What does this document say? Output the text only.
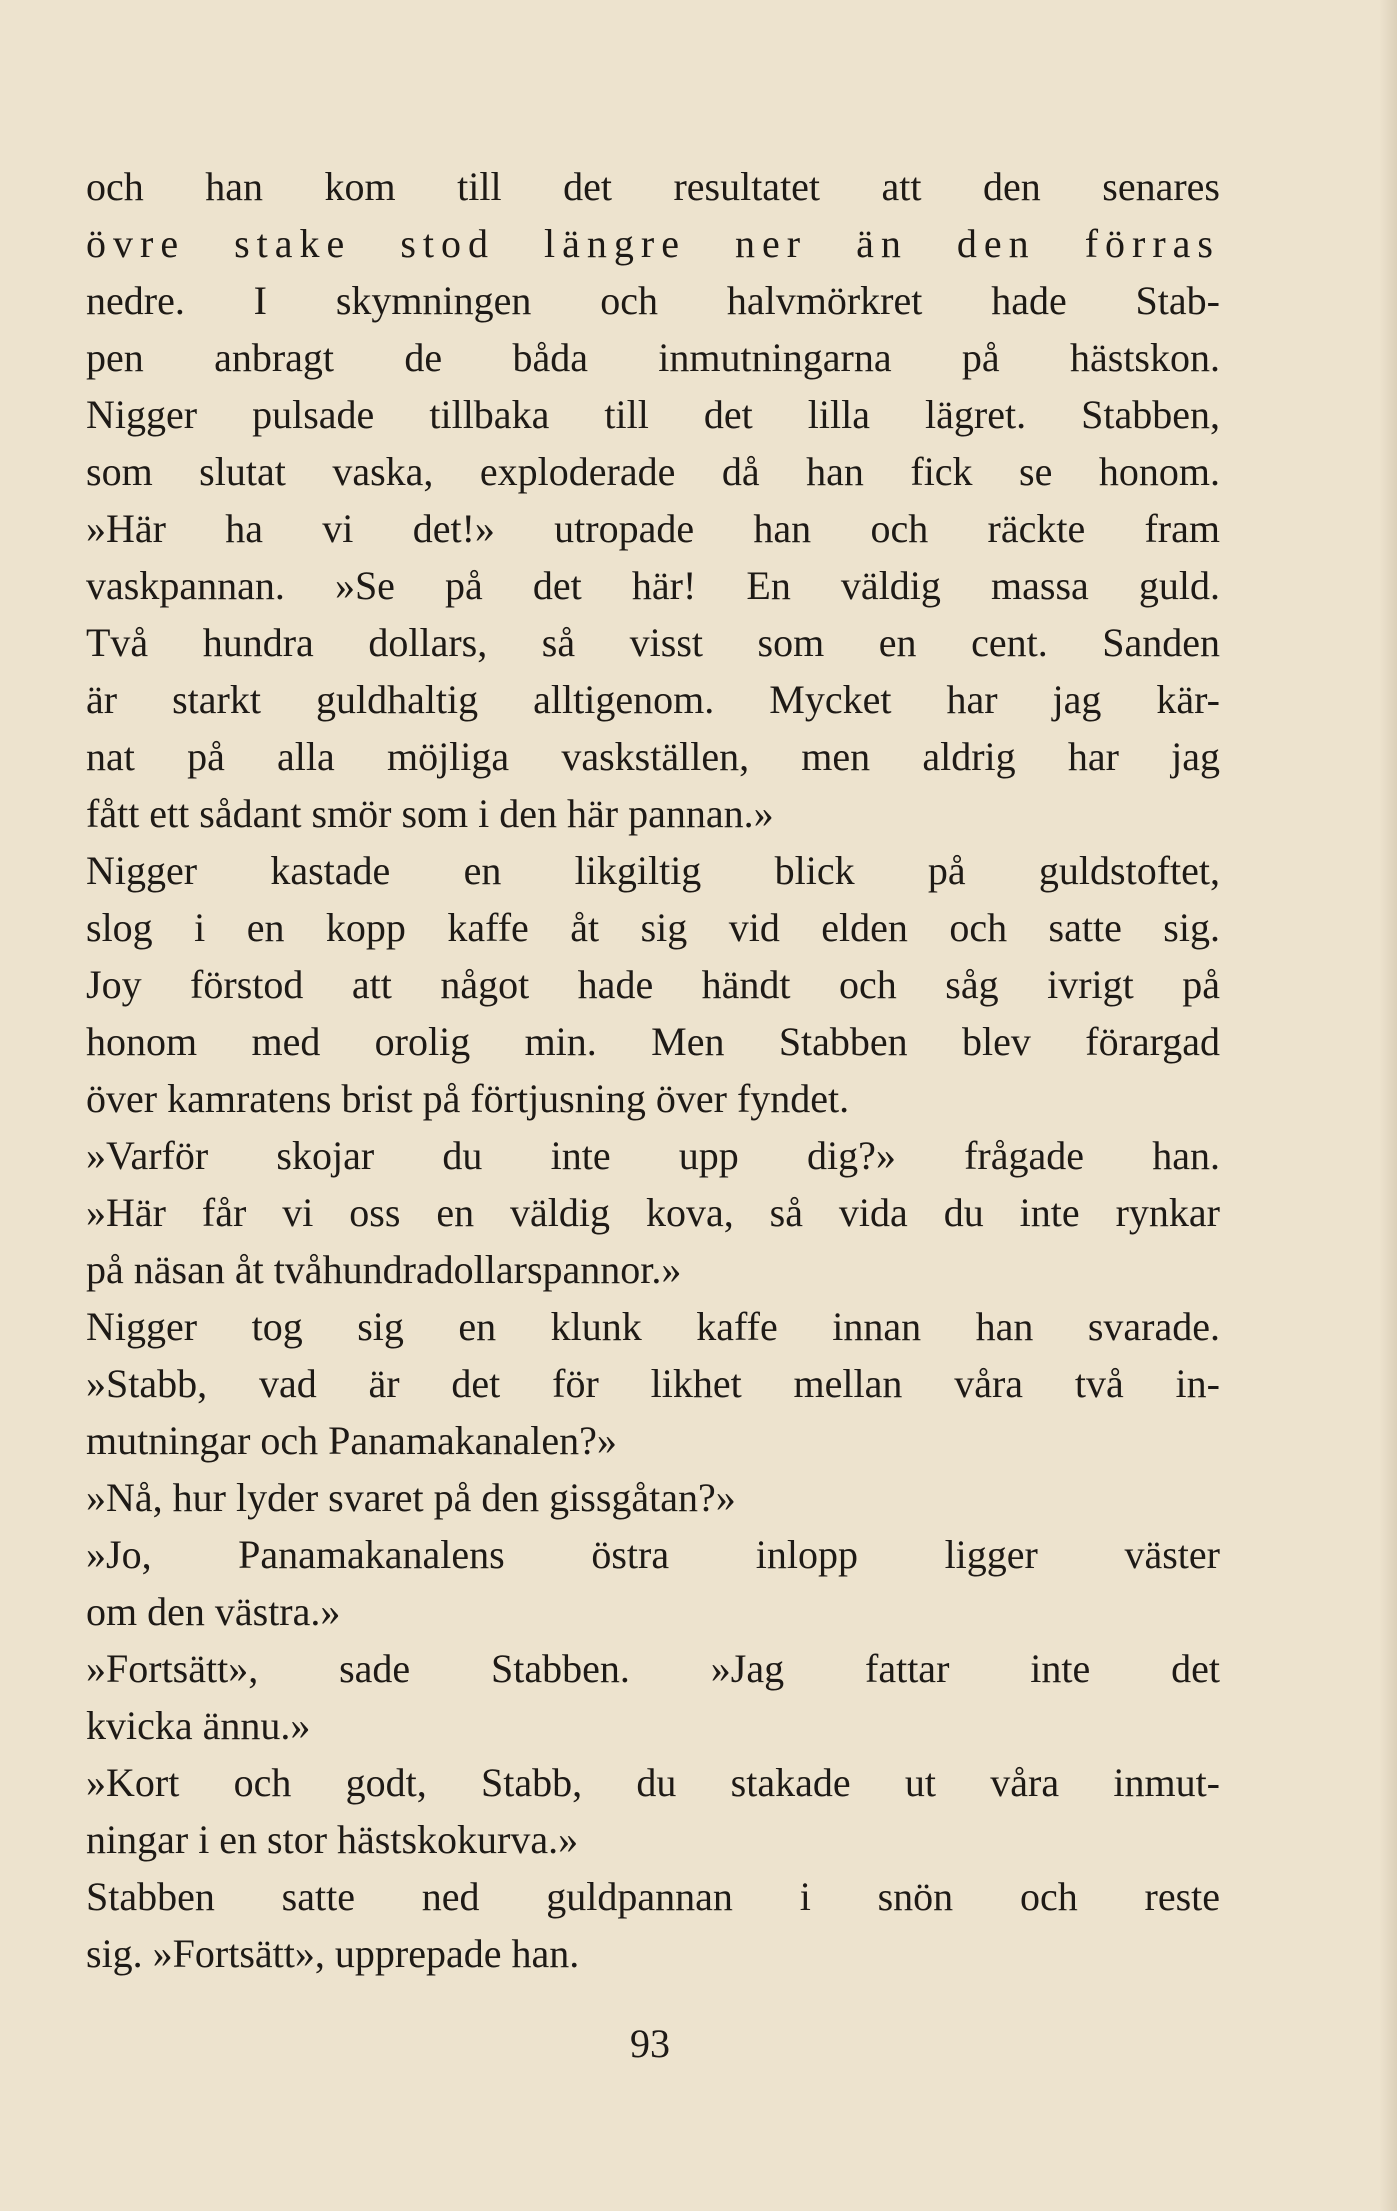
och han kom till det resultatet att den senares
övre stake stod längre ner än den förras
nedre. I skymningen och halvmörkret hade Stab-
pen anbragt de båda inmutningarna på hästskon.
Nigger pulsade tillbaka till det lilla lägret. Stabben,
som slutat vaska, exploderade då han fick se honom.
»Här ha vi det!» utropade han och räckte fram
vaskpannan. »Se på det här! En väldig massa guld.
Två hundra dollars, så visst som en cent. Sanden
är starkt guldhaltig alltigenom. Mycket har jag kär-
nat på alla möjliga vaskställen, men aldrig har jag
fått ett sådant smör som i den här pannan.»
Nigger kastade en likgiltig blick på guldstoftet,
slog i en kopp kaffe åt sig vid elden och satte sig.
Joy förstod att något hade händt och såg ivrigt på
honom med orolig min. Men Stabben blev förargad
över kamratens brist på förtjusning över fyndet.
»Varför skojar du inte upp dig?» frågade han.
»Här får vi oss en väldig kova, så vida du inte rynkar
på näsan åt tvåhundradollarspannor.»
Nigger tog sig en klunk kaffe innan han svarade.
»Stabb, vad är det för likhet mellan våra två in-
mutningar och Panamakanalen?»
»Nå, hur lyder svaret på den gissgåtan?»
»Jo, Panamakanalens östra inlopp ligger väster
om den västra.»
»Fortsätt», sade Stabben. »Jag fattar inte det
kvicka ännu.»
»Kort och godt, Stabb, du stakade ut våra inmut-
ningar i en stor hästskokurva.»
Stabben satte ned guldpannan i snön och reste
sig. »Fortsätt», upprepade han.
93
